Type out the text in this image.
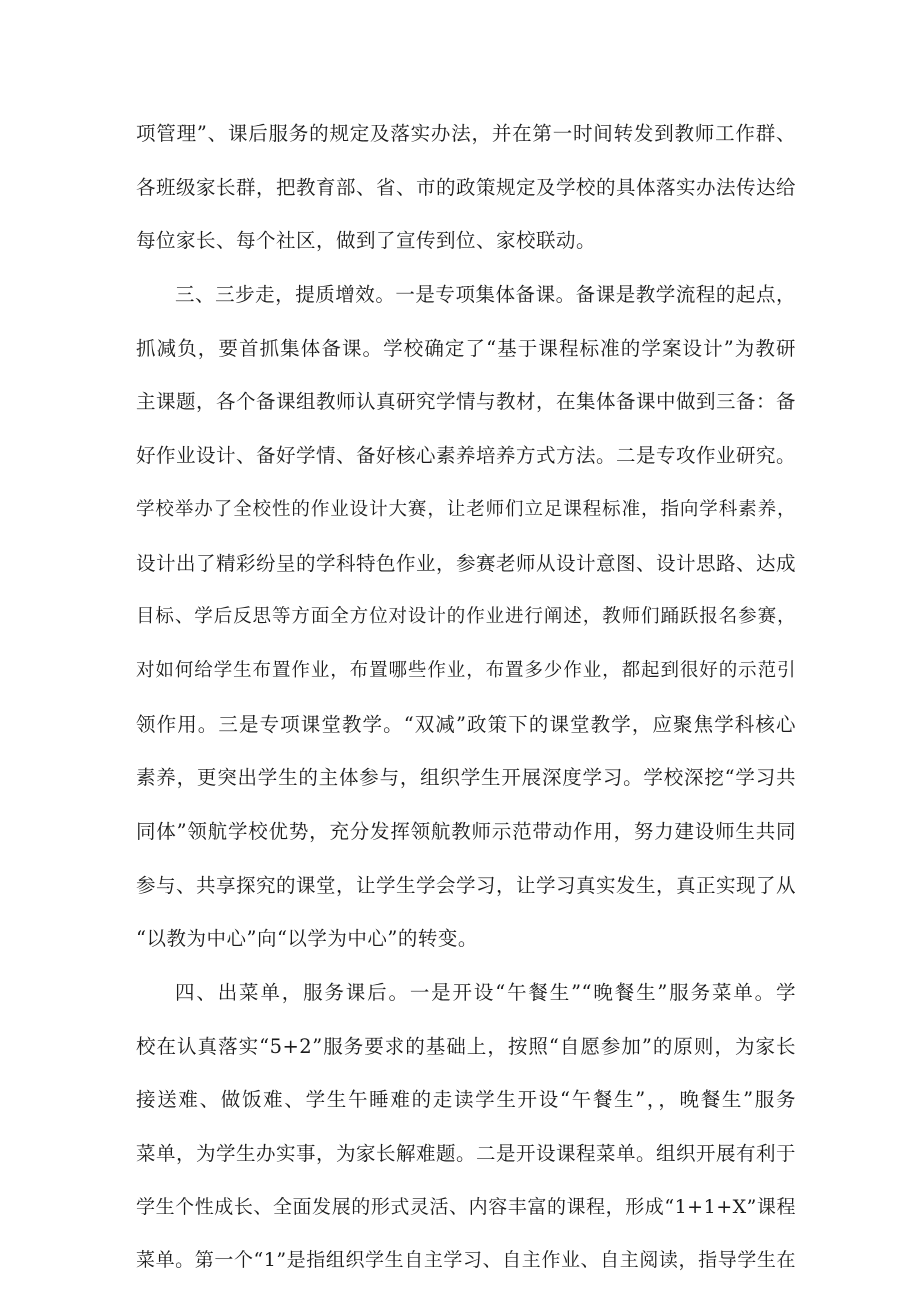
项管理”、课后服务的规定及落实办法，并在第一时间转发到教师工作群、
各班级家长群，把教育部、省、市的政策规定及学校的具体落实办法传达给
每位家长、每个社区，做到了宣传到位、家校联动。
三、三步走，提质增效。一是专项集体备课。备课是教学流程的起点，
抓减负，要首抓集体备课。学校确定了“基于课程标准的学案设计”为教研
主课题，各个备课组教师认真研究学情与教材，在集体备课中做到三备：备
好作业设计、备好学情、备好核心素养培养方式方法。二是专攻作业研究。
学校举办了全校性的作业设计大赛，让老师们立足课程标准，指向学科素养，
设计出了精彩纷呈的学科特色作业，参赛老师从设计意图、设计思路、达成
目标、学后反思等方面全方位对设计的作业进行阐述，教师们踊跃报名参赛，
对如何给学生布置作业，布置哪些作业，布置多少作业，都起到很好的示范引
领作用。三是专项课堂教学。“双减”政策下的课堂教学，应聚焦学科核心
素养，更突出学生的主体参与，组织学生开展深度学习。学校深挖“学习共
同体”领航学校优势，充分发挥领航教师示范带动作用，努力建设师生共同
参与、共享探究的课堂，让学生学会学习，让学习真实发生，真正实现了从
“以教为中心”向“以学为中心”的转变。
四、出菜单，服务课后。一是开设“午餐生”“晚餐生”服务菜单。学
校在认真落实“5+2”服务要求的基础上，按照“自愿参加”的原则，为家长
接送难、做饭难、学生午睡难的走读学生开设“午餐生”，，晚餐生”服务
菜单，为学生办实事，为家长解难题。二是开设课程菜单。组织开展有利于
学生个性成长、全面发展的形式灵活、内容丰富的课程，形成“1+1+X”课程
菜单。第一个“1”是指组织学生自主学习、自主作业、自主阅读，指导学生在
